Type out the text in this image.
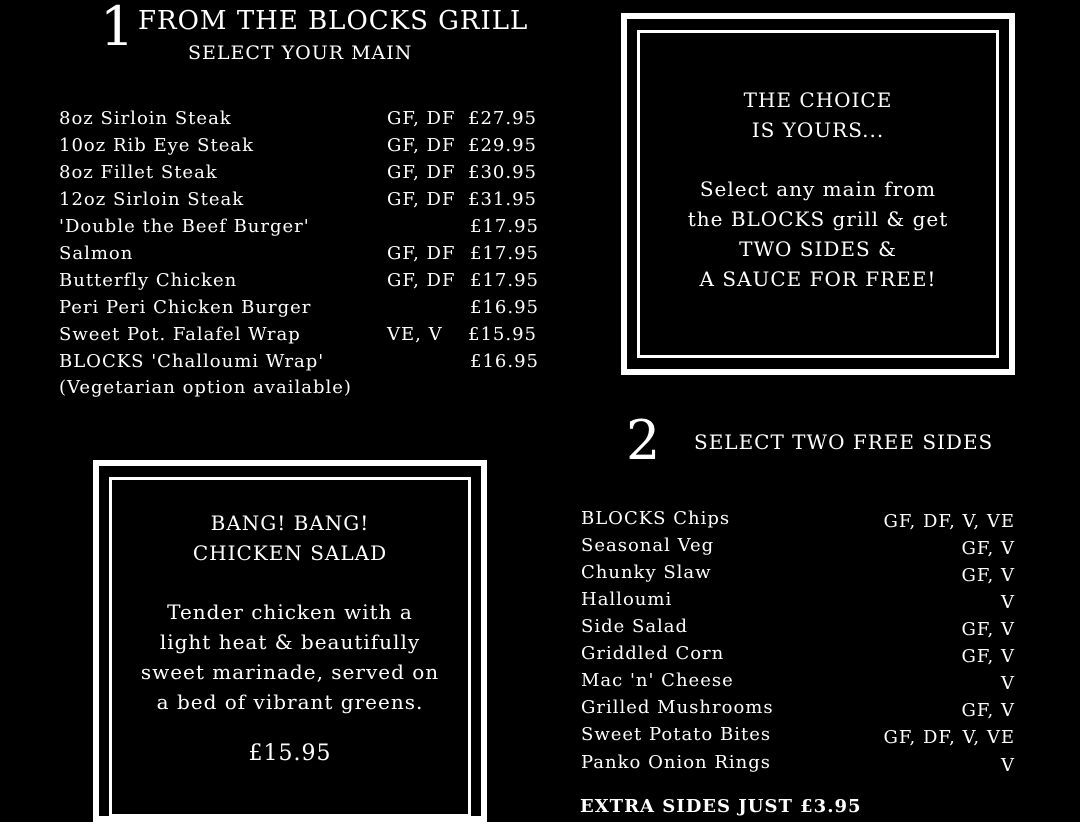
1 FROM THE BLOCKS GRILL
SELECT YOUR MAIN
8oz Sirloin Steak	GF, DF £27.95
10oz Rib Eye Steak	GF, DF £29.95
8oz Fillet Steak	GF, DF £30.95
12oz Sirloin Steak	GF, DF £31.95
'Double the Beef Burger'	£17.95
Salmon	GF, DF £17.95
Butterfly Chicken	GF, DF £17.95
Peri Peri Chicken Burger	£16.95
Sweet Pot. Falafel Wrap	VE, V £15.95
BLOCKS 'Challoumi Wrap'	£16.95
(Vegetarian option available)
THE CHOICE
IS YOURS...
Select any main from
the BLOCKS grill & get
TWO SIDES &
A SAUCE FOR FREE!
BANG! BANG!
CHICKEN SALAD
Tender chicken with a
light heat & beautifully
sweet marinade, served on
a bed of vibrant greens.
£15.95
2 SELECT TWO FREE SIDES
BLOCKS Chips	GF, DF, V, VE
Seasonal Veg	GF, V
Chunky Slaw	GF, V
Halloumi	V
Side Salad	GF, V
Griddled Corn	GF, V
Mac 'n' Cheese	V
Grilled Mushrooms	GF, V
Sweet Potato Bites	GF, DF, V, VE
Panko Onion Rings	V
EXTRA SIDES JUST £3.95
